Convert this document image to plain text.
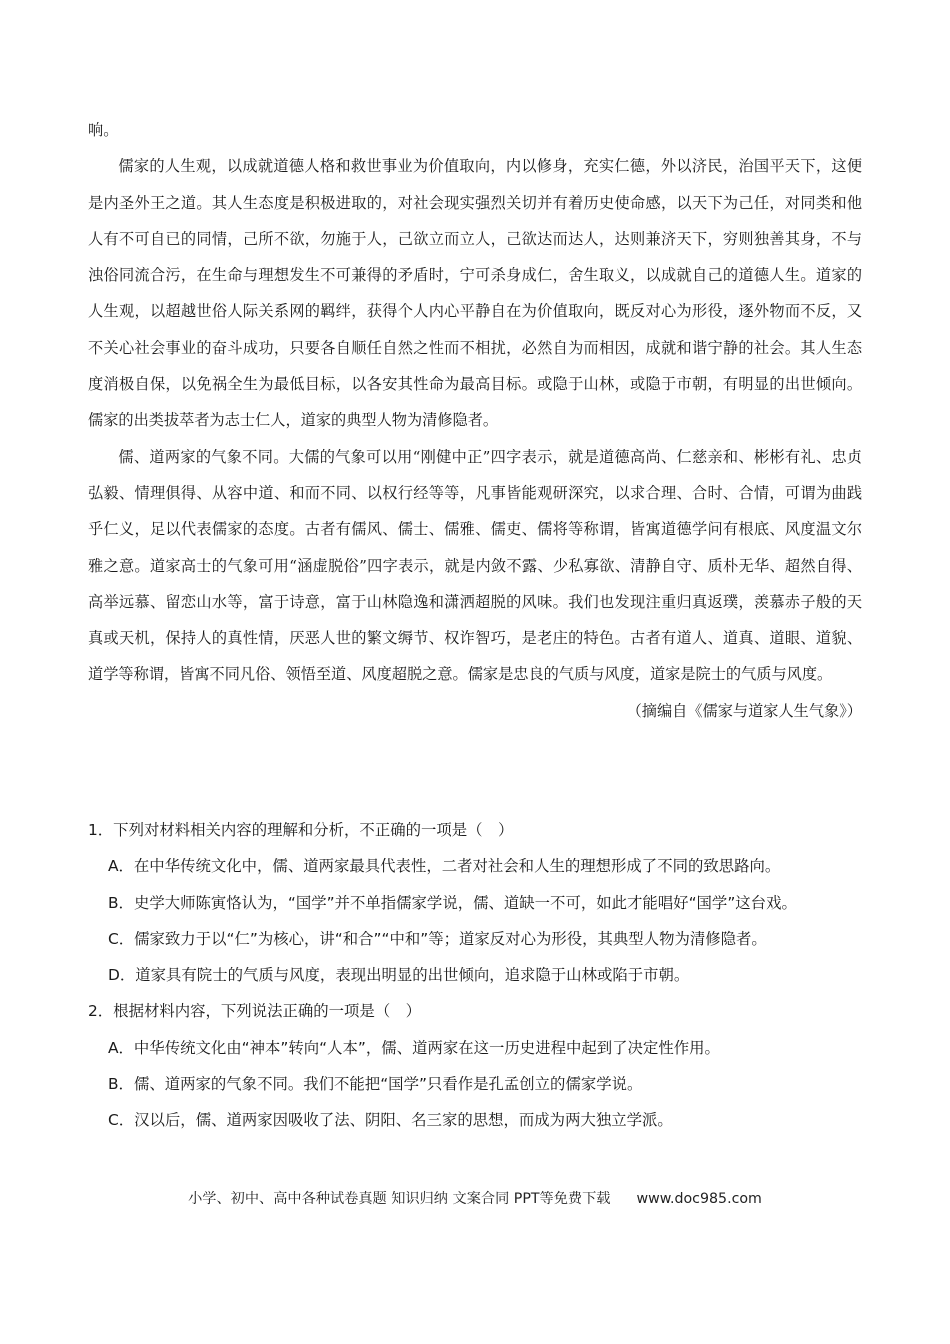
响。

儒家的人生观，以成就道德人格和救世事业为价值取向，内以修身，充实仁德，外以济民，治国平天下，这便是内圣外王之道。其人生态度是积极进取的，对社会现实强烈关切并有着历史使命感，以天下为己任，对同类和他人有不可自已的同情，己所不欲，勿施于人，己欲立而立人，己欲达而达人，达则兼济天下，穷则独善其身，不与浊俗同流合污，在生命与理想发生不可兼得的矛盾时，宁可杀身成仁，舍生取义，以成就自己的道德人生。道家的人生观，以超越世俗人际关系网的羁绊，获得个人内心平静自在为价值取向，既反对心为形役，逐外物而不反，又不关心社会事业的奋斗成功，只要各自顺任自然之性而不相扰，必然自为而相因，成就和谐宁静的社会。其人生态度消极自保，以免祸全生为最低目标，以各安其性命为最高目标。或隐于山林，或隐于市朝，有明显的出世倾向。儒家的出类拔萃者为志士仁人，道家的典型人物为清修隐者。

儒、道两家的气象不同。大儒的气象可以用“刚健中正”四字表示，就是道德高尚、仁慈亲和、彬彬有礼、忠贞弘毅、情理俱得、从容中道、和而不同、以权行经等等，凡事皆能观研深究，以求合理、合时、合情，可谓为曲践乎仁义，足以代表儒家的态度。古者有儒风、儒士、儒雅、儒吏、儒将等称谓，皆寓道德学问有根底、风度温文尔雅之意。道家高士的气象可用“涵虚脱俗”四字表示，就是内敛不露、少私寡欲、清静自守、质朴无华、超然自得、高举远慕、留恋山水等，富于诗意，富于山林隐逸和潇洒超脱的风味。我们也发现注重归真返璞，羡慕赤子般的天真或天机，保持人的真性情，厌恶人世的繁文缛节、权诈智巧，是老庄的特色。古者有道人、道真、道眼、道貌、道学等称谓，皆寓不同凡俗、领悟至道、风度超脱之意。儒家是忠良的气质与风度，道家是院士的气质与风度。

（摘编自《儒家与道家人生气象》）

1．下列对材料相关内容的理解和分析，不正确的一项是（　）

A．在中华传统文化中，儒、道两家最具代表性，二者对社会和人生的理想形成了不同的致思路向。

B．史学大师陈寅恪认为，“国学”并不单指儒家学说，儒、道缺一不可，如此才能唱好“国学”这台戏。

C．儒家致力于以“仁”为核心，讲“和合”“中和”等；道家反对心为形役，其典型人物为清修隐者。

D．道家具有院士的气质与风度，表现出明显的出世倾向，追求隐于山林或陷于市朝。

2．根据材料内容，下列说法正确的一项是（　）

A．中华传统文化由“神本”转向“人本”，儒、道两家在这一历史进程中起到了决定性作用。

B．儒、道两家的气象不同。我们不能把“国学”只看作是孔孟创立的儒家学说。

C．汉以后，儒、道两家因吸收了法、阴阳、名三家的思想，而成为两大独立学派。

小学、初中、高中各种试卷真题 知识归纳 文案合同 PPT等免费下载 www.doc985.com
